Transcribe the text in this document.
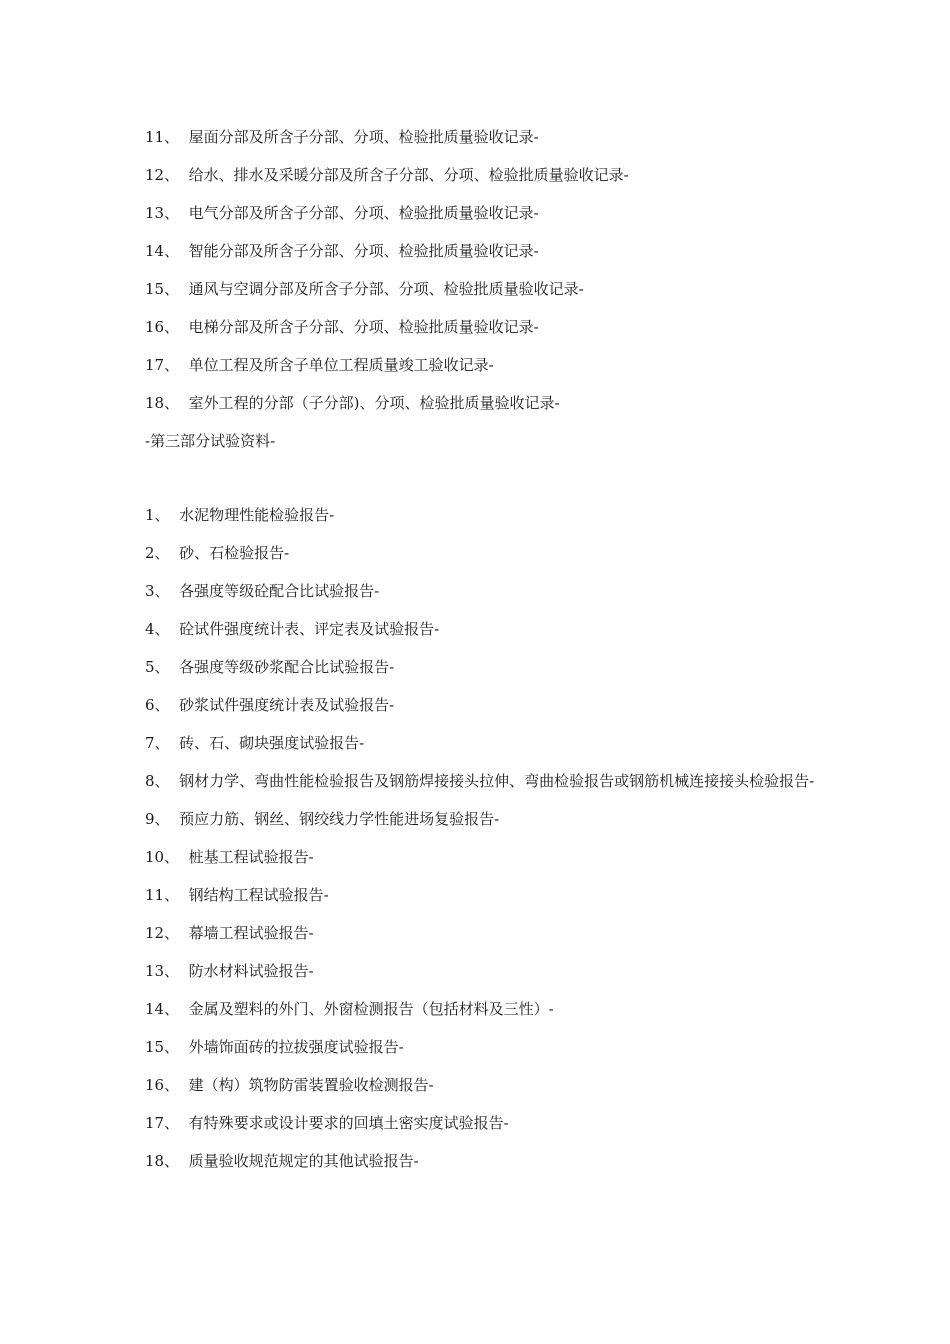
11、 屋面分部及所含子分部、分项、检验批质量验收记录-
12、 给水、排水及采暖分部及所含子分部、分项、检验批质量验收记录-
13、 电气分部及所含子分部、分项、检验批质量验收记录-
14、 智能分部及所含子分部、分项、检验批质量验收记录-
15、 通风与空调分部及所含子分部、分项、检验批质量验收记录-
16、 电梯分部及所含子分部、分项、检验批质量验收记录-
17、 单位工程及所含子单位工程质量竣工验收记录-
18、 室外工程的分部（子分部)、分项、检验批质量验收记录-
-第三部分试验资料-
1、 水泥物理性能检验报告-
2、 砂、石检验报告-
3、 各强度等级砼配合比试验报告-
4、 砼试件强度统计表、评定表及试验报告-
5、 各强度等级砂浆配合比试验报告-
6、 砂浆试件强度统计表及试验报告-
7、 砖、石、砌块强度试验报告-
8、 钢材力学、弯曲性能检验报告及钢筋焊接接头拉伸、弯曲检验报告或钢筋机械连接接头检验报告-
9、 预应力筋、钢丝、钢绞线力学性能进场复验报告-
10、 桩基工程试验报告-
11、 钢结构工程试验报告-
12、 幕墙工程试验报告-
13、 防水材料试验报告-
14、 金属及塑料的外门、外窗检测报告（包括材料及三性）-
15、 外墙饰面砖的拉拔强度试验报告-
16、 建（构）筑物防雷装置验收检测报告-
17、 有特殊要求或设计要求的回填土密实度试验报告-
18、 质量验收规范规定的其他试验报告-
